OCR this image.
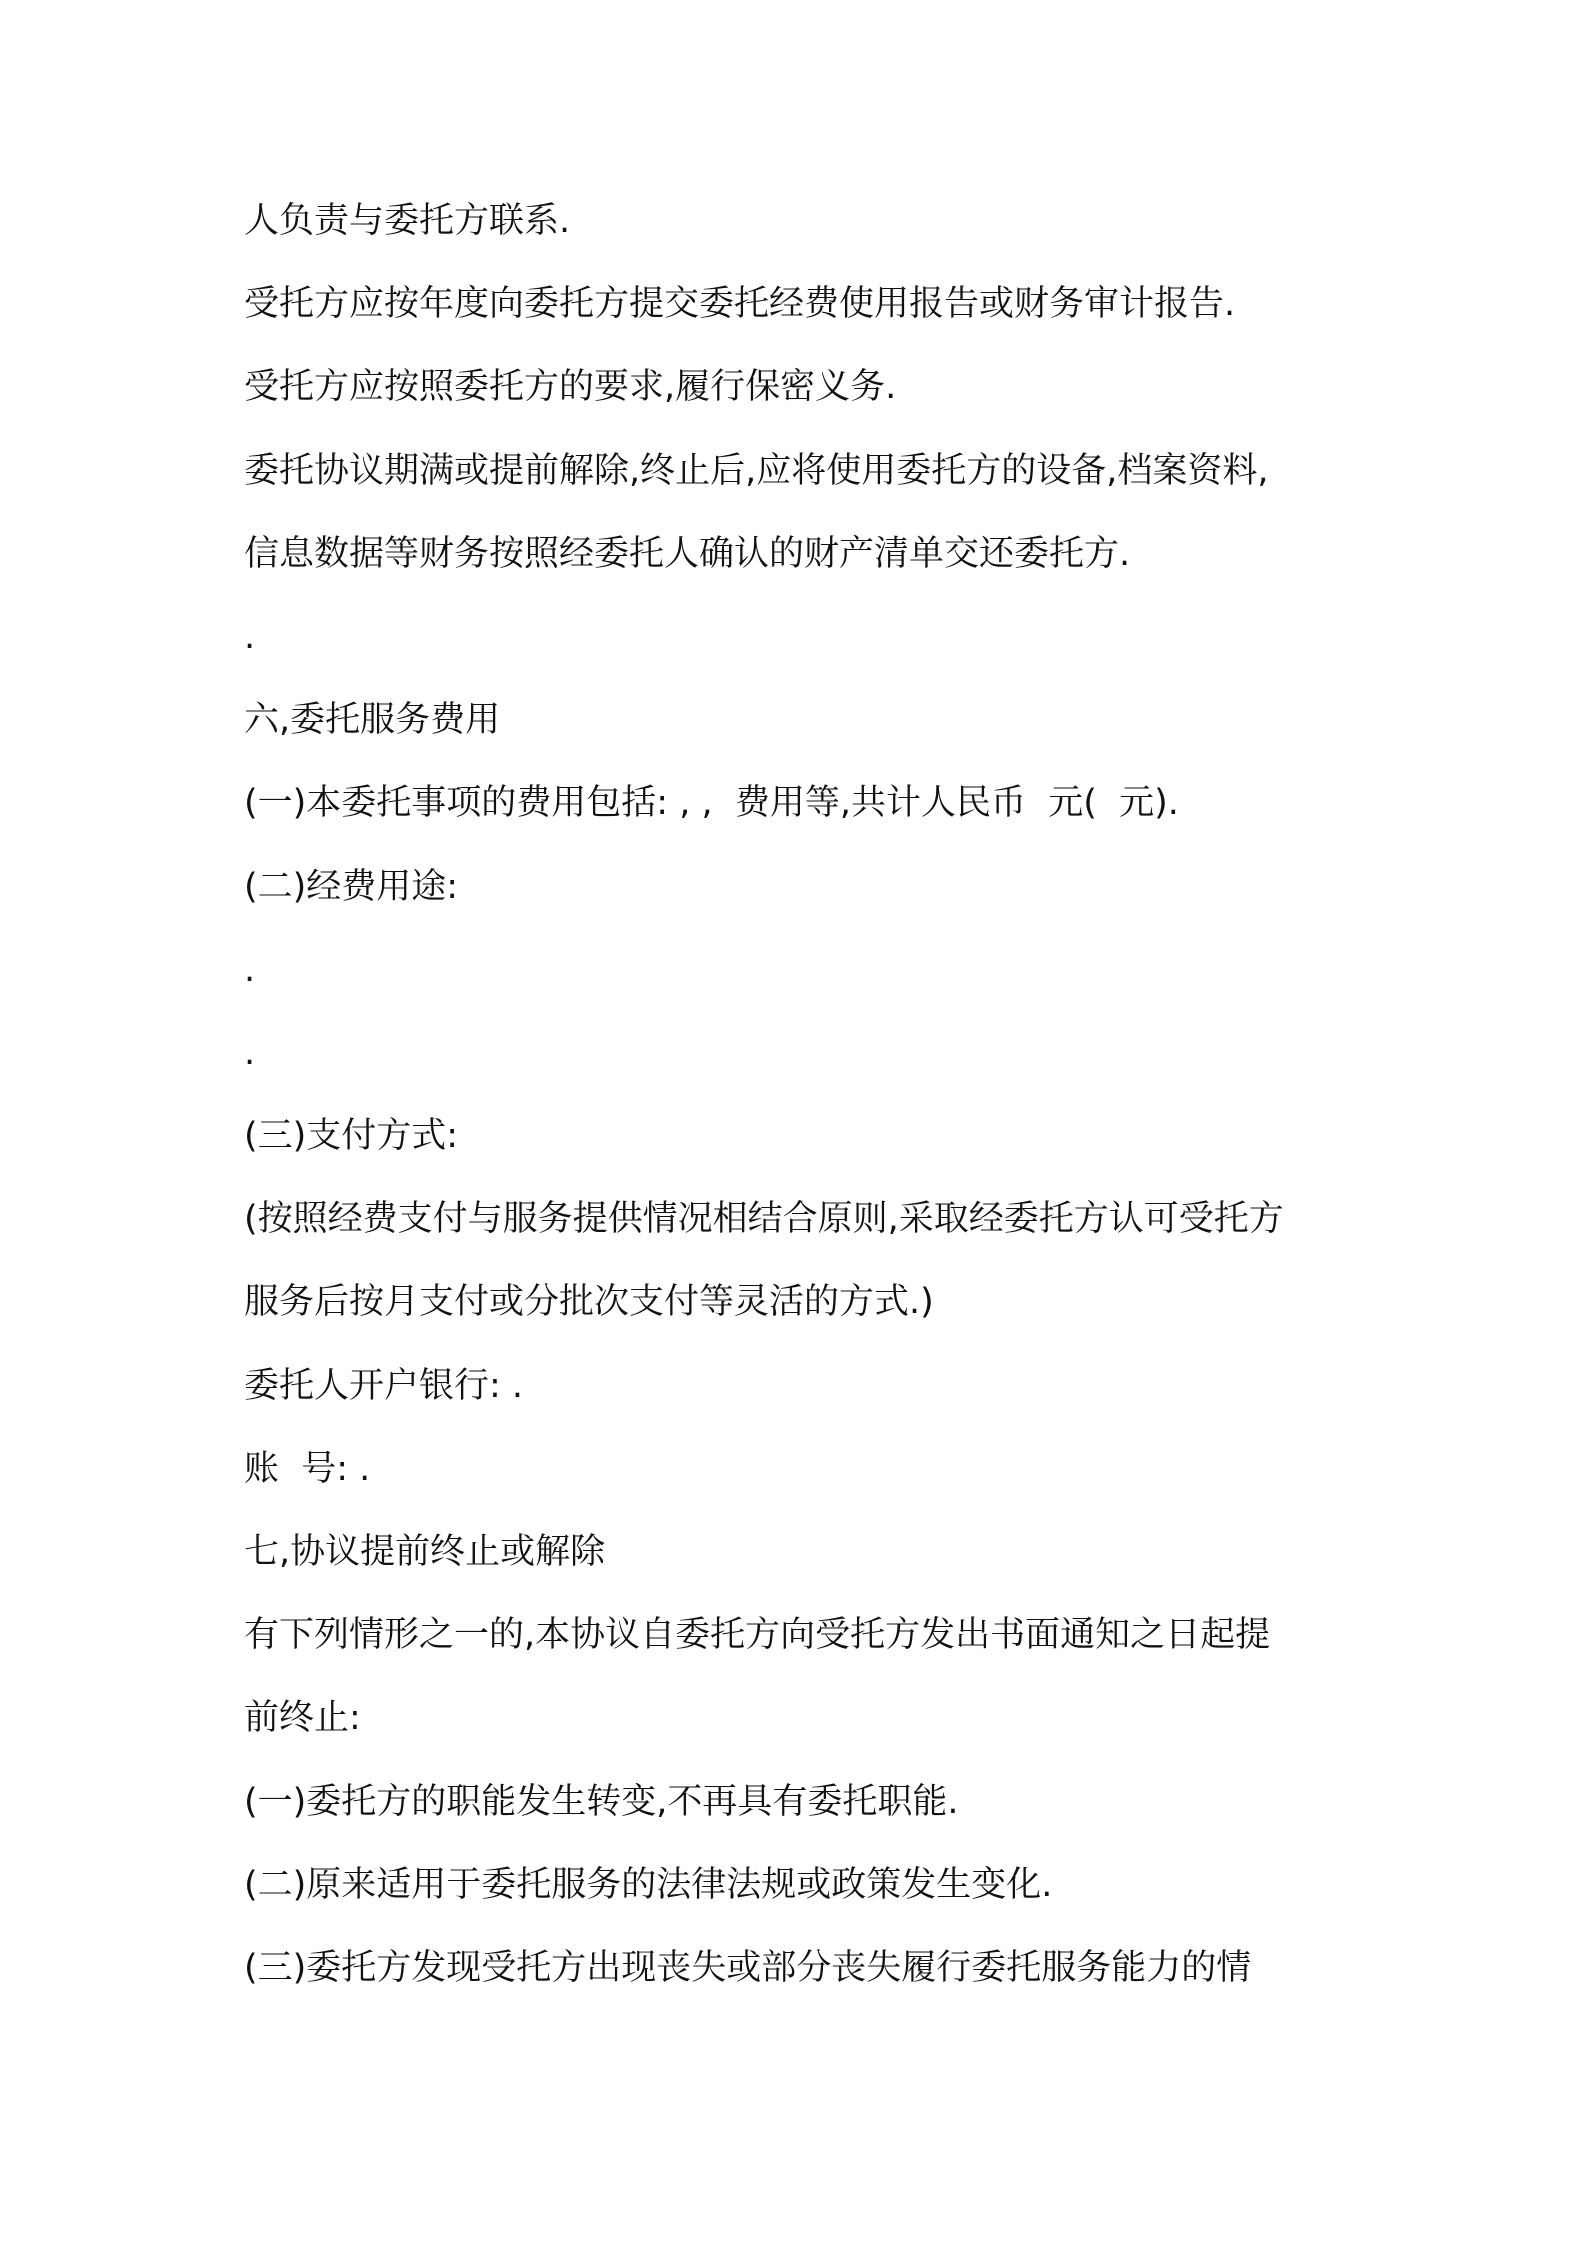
人负责与委托方联系.
受托方应按年度向委托方提交委托经费使用报告或财务审计报告.
受托方应按照委托方的要求,履行保密义务.
委托协议期满或提前解除,终止后,应将使用委托方的设备,档案资料,
信息数据等财务按照经委托人确认的财产清单交还委托方.
.
六,委托服务费用
(一)本委托事项的费用包括: , ,  费用等,共计人民币  元(  元).
(二)经费用途:
.
.
(三)支付方式:
(按照经费支付与服务提供情况相结合原则,采取经委托方认可受托方
服务后按月支付或分批次支付等灵活的方式.)
委托人开户银行: .
账  号: .
七,协议提前终止或解除
有下列情形之一的,本协议自委托方向受托方发出书面通知之日起提
前终止:
(一)委托方的职能发生转变,不再具有委托职能.
(二)原来适用于委托服务的法律法规或政策发生变化.
(三)委托方发现受托方出现丧失或部分丧失履行委托服务能力的情
